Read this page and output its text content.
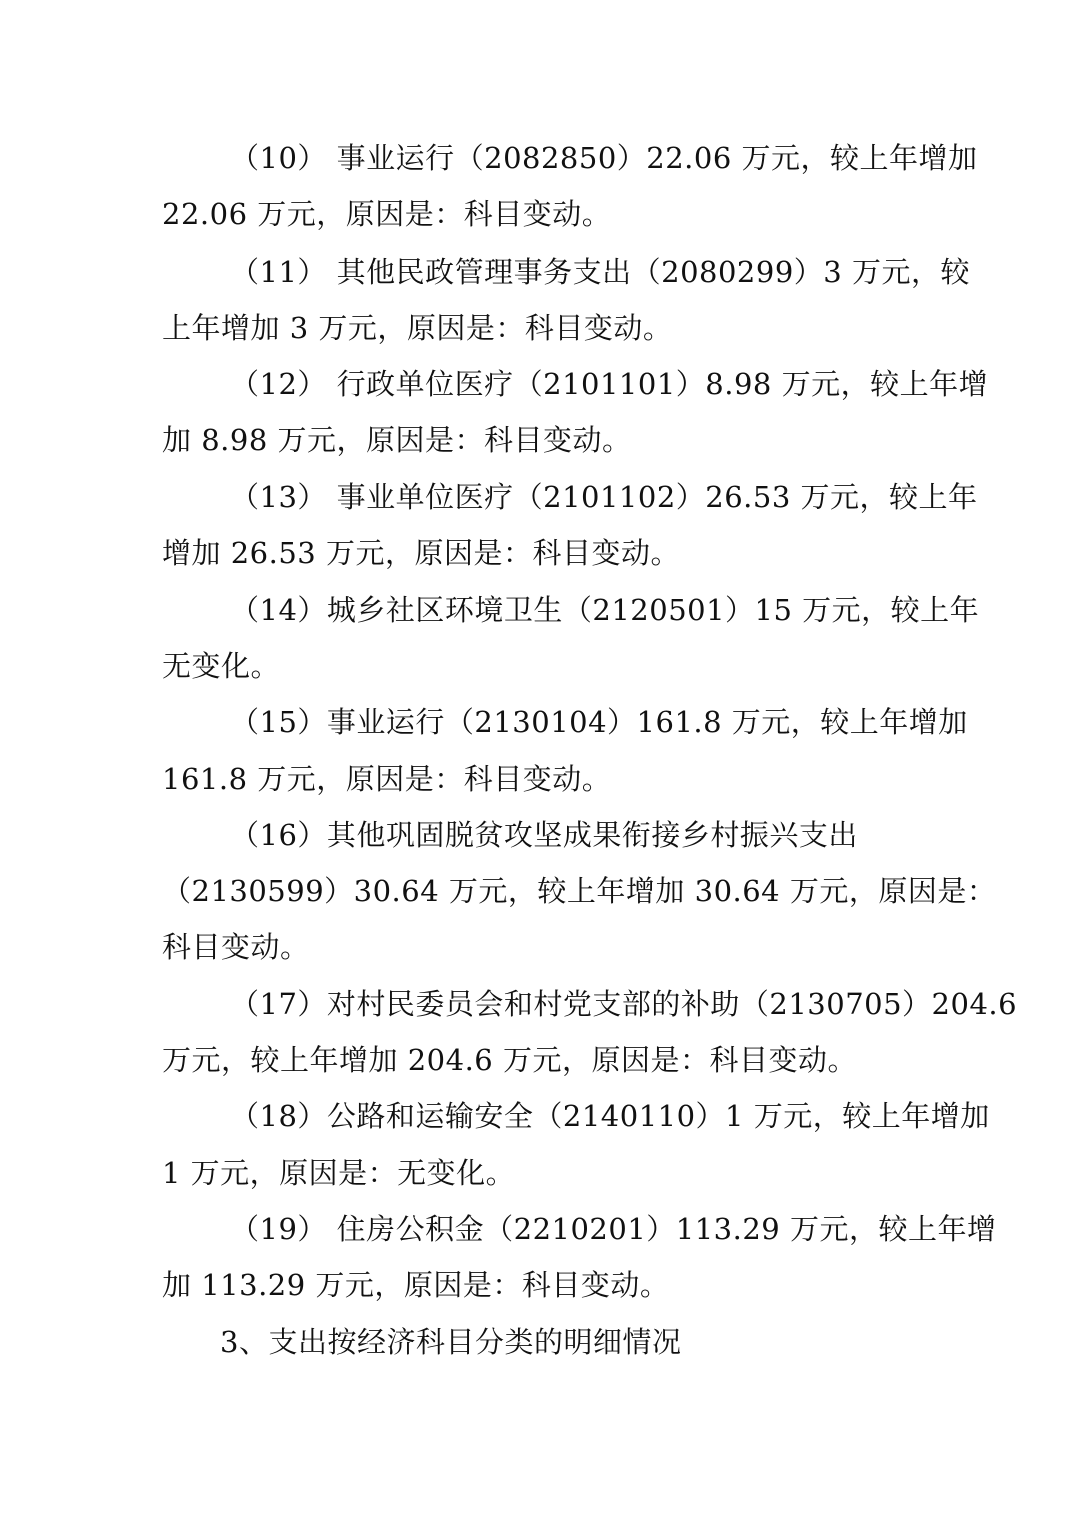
（10） 事业运行（2082850）22.06 万元，较上年增加
22.06 万元，原因是：科目变动。
（11） 其他民政管理事务支出（2080299）3 万元，较
上年增加 3 万元，原因是：科目变动。
（12） 行政单位医疗（2101101）8.98 万元，较上年增
加 8.98 万元，原因是：科目变动。
（13） 事业单位医疗（2101102）26.53 万元，较上年
增加 26.53 万元，原因是：科目变动。
（14）城乡社区环境卫生（2120501）15 万元，较上年
无变化。
（15）事业运行（2130104）161.8 万元，较上年增加
161.8 万元，原因是：科目变动。
（16）其他巩固脱贫攻坚成果衔接乡村振兴支出
（2130599）30.64 万元，较上年增加 30.64 万元，原因是：
科目变动。
（17）对村民委员会和村党支部的补助（2130705）204.6
万元，较上年增加 204.6 万元，原因是：科目变动。
（18）公路和运输安全（2140110）1 万元，较上年增加
1 万元，原因是：无变化。
（19） 住房公积金（2210201）113.29 万元，较上年增
加 113.29 万元，原因是：科目变动。
3、支出按经济科目分类的明细情况
